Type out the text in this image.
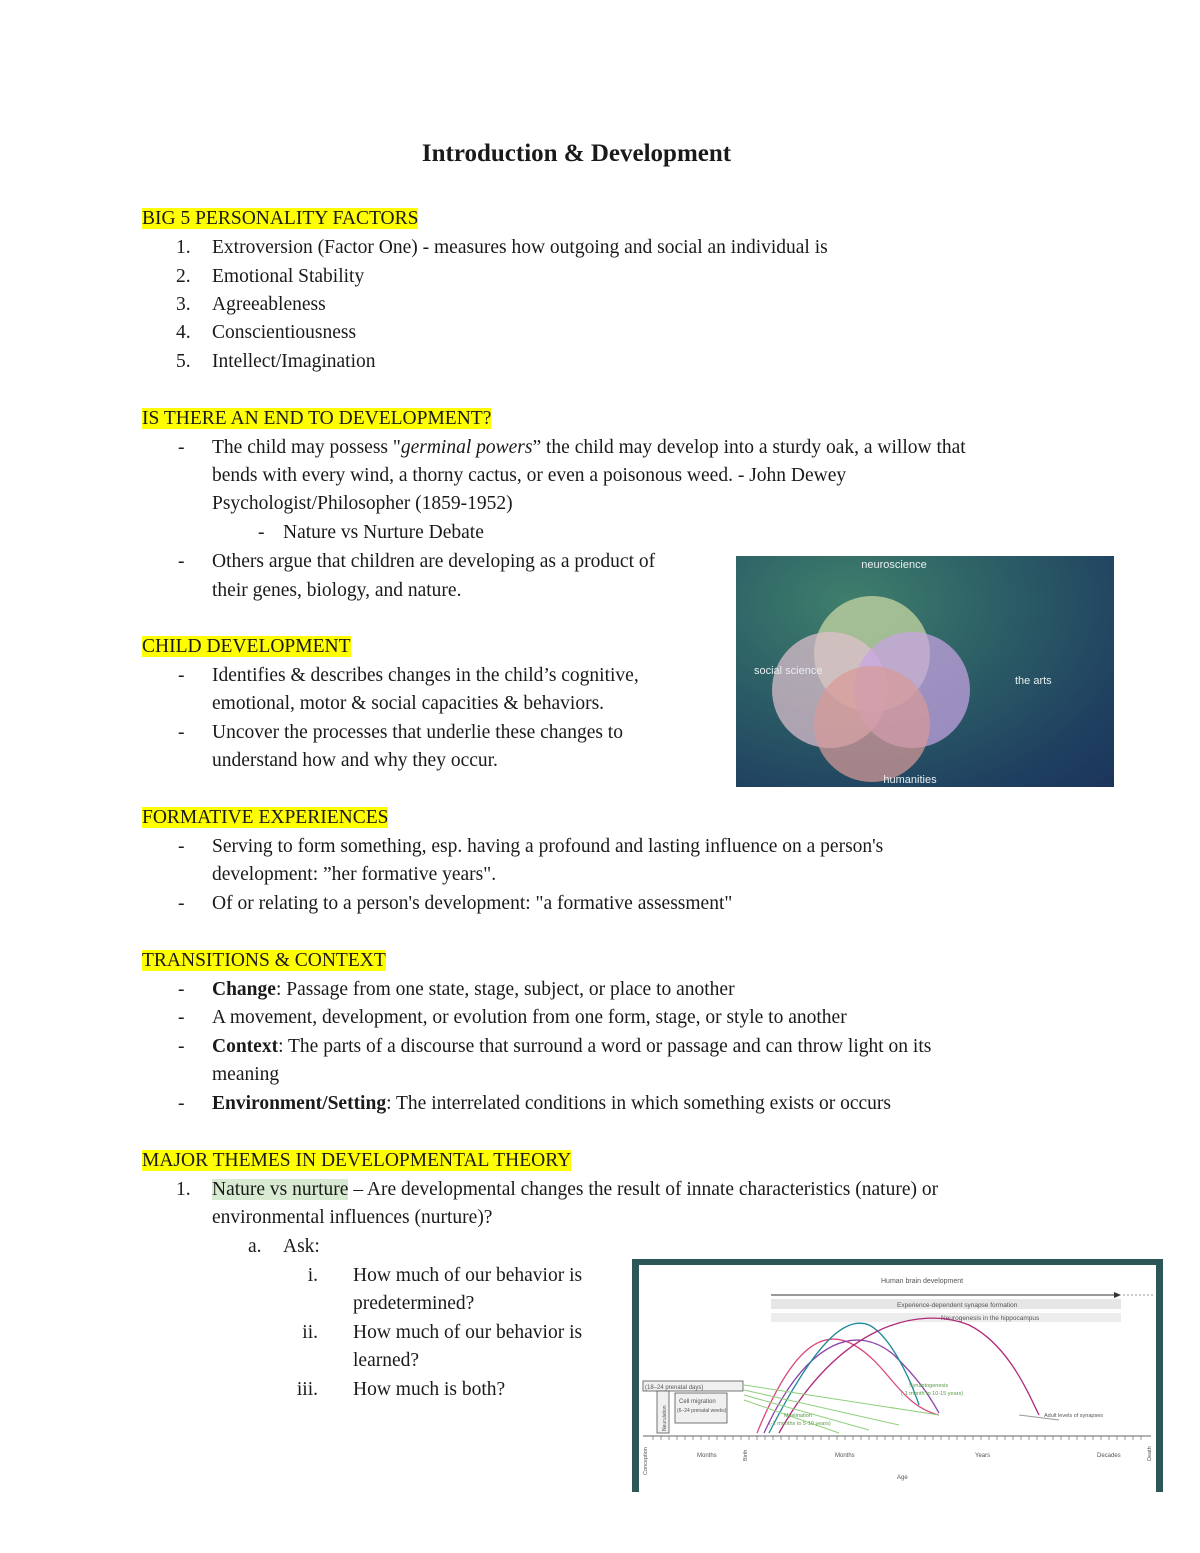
Introduction & Development
BIG 5 PERSONALITY FACTORS
1. Extroversion (Factor One) - measures how outgoing and social an individual is
2. Emotional Stability
3. Agreeableness
4. Conscientiousness
5. Intellect/Imagination
IS THERE AN END TO DEVELOPMENT?
- The child may possess "germinal powers” the child may develop into a sturdy oak, a willow that
bends with every wind, a thorny cactus, or even a poisonous weed. - John Dewey
Psychologist/Philosopher (1859-1952)
- Nature vs Nurture Debate
- Others argue that children are developing as a product of
their genes, biology, and nature.
CHILD DEVELOPMENT
- Identifies & describes changes in the child’s cognitive,
emotional, motor & social capacities & behaviors.
- Uncover the processes that underlie these changes to
understand how and why they occur.
neuroscience
social science
the arts
humanities
FORMATIVE EXPERIENCES
- Serving to form something, esp. having a profound and lasting influence on a person's
development: ”her formative years".
- Of or relating to a person's development: "a formative assessment"
TRANSITIONS & CONTEXT
- Change: Passage from one state, stage, subject, or place to another
- A movement, development, or evolution from one form, stage, or style to another
- Context: The parts of a discourse that surround a word or passage and can throw light on its
meaning
- Environment/Setting: The interrelated conditions in which something exists or occurs
MAJOR THEMES IN DEVELOPMENTAL THEORY
1. Nature vs nurture – Are developmental changes the result of innate characteristics (nature) or
environmental influences (nurture)?
a. Ask:
i. How much of our behavior is
predetermined?
ii. How much of our behavior is
learned?
iii. How much is both?
Human brain development
Experience-dependent synapse formation
Neurogenesis in the hippocampus
Adult levels of synapses
Synaptogenesis
(-1 month to 10-15 years)
Myelination
(-2 months to 5-10 years)
(18–24 prenatal days)
Cell migration
(6–24 prenatal weeks)
Neurulation
Conception	Birth	Death
Months	Months	Years	Decades
Age
